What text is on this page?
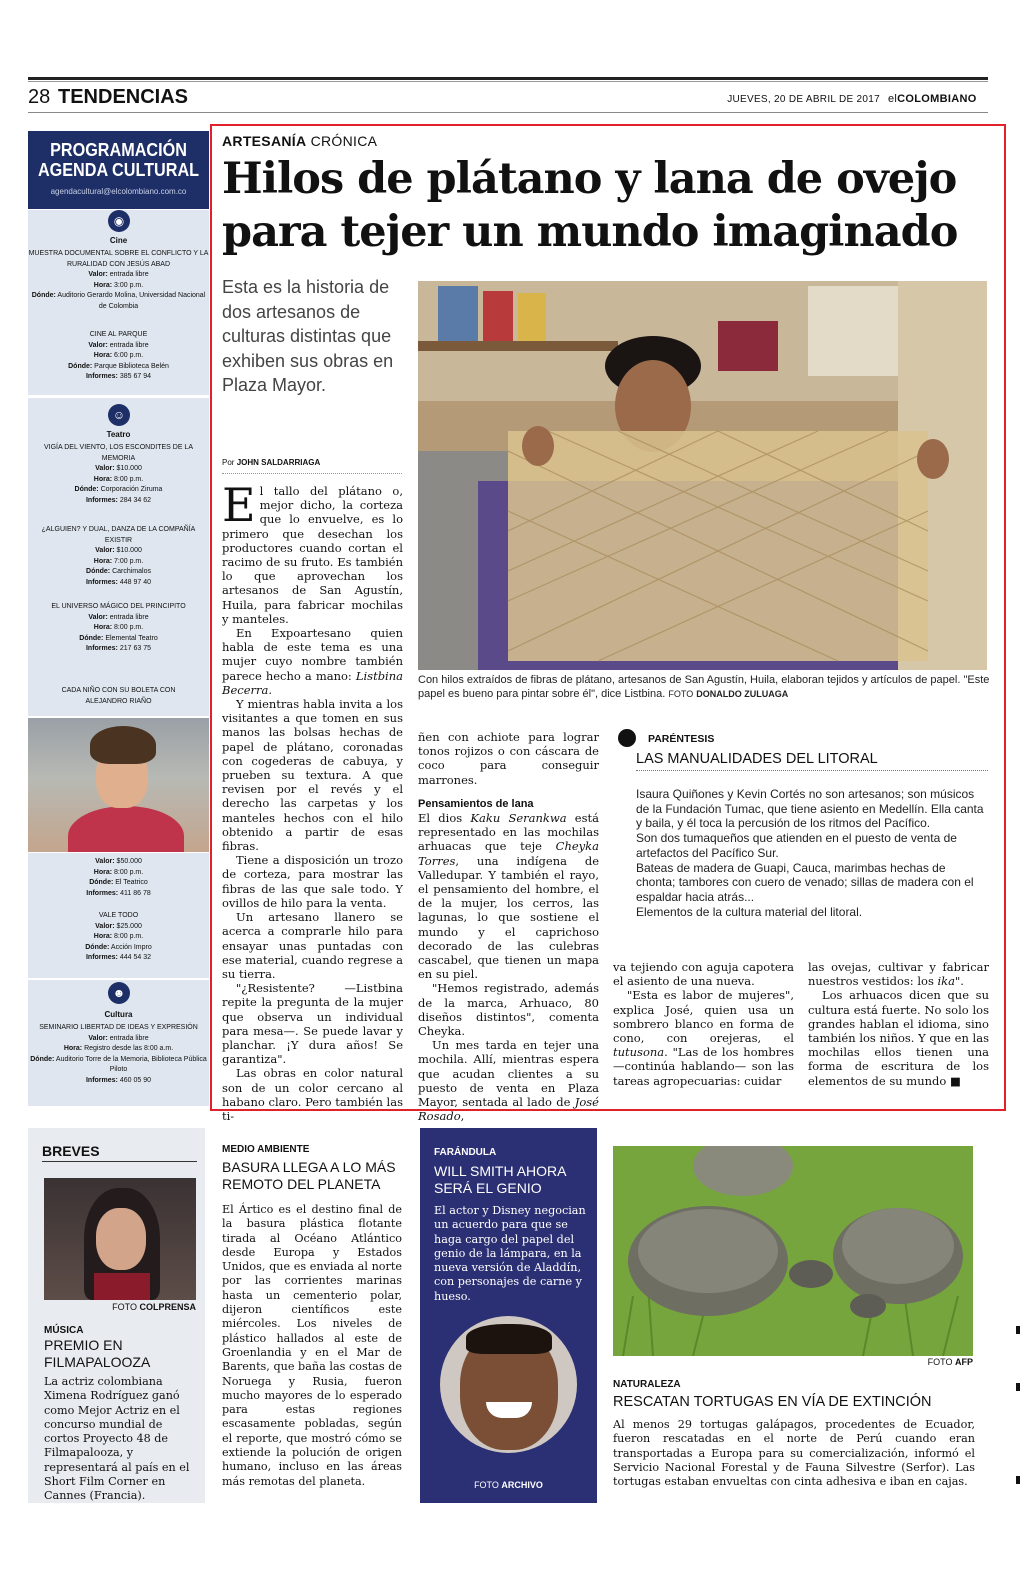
28 TENDENCIAS	JUEVES, 20 DE ABRIL DE 2017 elCOLOMBIANO
PROGRAMACIÓN
AGENDA CULTURAL
agendacultural@elcolombiano.com.co
◉
Cine
MUESTRA DOCUMENTAL SOBRE EL CONFLICTO Y LA RURALIDAD CON JESÚS ABAD
Valor: entrada libre
Hora: 3:00 p.m.
Dónde: Auditorio Gerardo Molina, Universidad Nacional de Colombia
CINE AL PARQUE
Valor: entrada libre
Hora: 6:00 p.m.
Dónde: Parque Biblioteca Belén
Informes: 385 67 94
☺
Teatro
VIGÍA DEL VIENTO, LOS ESCONDITES DE LA MEMORIA
Valor: $10.000
Hora: 8:00 p.m.
Dónde: Corporación Ziruma
Informes: 284 34 62
¿ALGUIEN? Y DUAL, DANZA DE LA COMPAÑÍA EXISTIR
Valor: $10.000
Hora: 7:00 p.m.
Dónde: Carchimalos
Informes: 448 97 40
EL UNIVERSO MÁGICO DEL PRINCIPITO
Valor: entrada libre
Hora: 8:00 p.m.
Dónde: Elemental Teatro
Informes: 217 63 75
CADA NIÑO CON SU BOLETA CON ALEJANDRO RIAÑO
Valor: $50.000
Hora: 8:00 p.m.
Dónde: El Teatrico
Informes: 411 86 78
VALE TODO
Valor: $25.000
Hora: 8:00 p.m.
Dónde: Acción Impro
Informes: 444 54 32
☻
Cultura
SEMINARIO LIBERTAD DE IDEAS Y EXPRESIÓN
Valor: entrada libre
Hora: Registro desde las 8:00 a.m.
Dónde: Auditorio Torre de la Memoria, Biblioteca Pública Piloto
Informes: 460 05 90
ARTESANÍA CRÓNICA
Hilos de plátano y lana de ovejo para tejer un mundo imaginado
Esta es la historia de dos artesanos de culturas distintas que exhiben sus obras en Plaza Mayor.
Por JOHN SALDARRIAGA
Con hilos extraídos de fibras de plátano, artesanos de San Agustín, Huila, elaboran tejidos y artículos de papel. "Este papel es bueno para pintar sobre él", dice Listbina. FOTO DONALDO ZULUAGA

El tallo del plátano o, mejor dicho, la corteza que lo envuelve, es lo primero que desechan los productores cuando cortan el racimo de su fruto. Es también lo que aprovechan los artesanos de San Agustín, Huila, para fabricar mochilas y manteles.

En Expoartesano quien habla de este tema es una mujer cuyo nombre también parece hecho a mano: Listbina Becerra.

Y mientras habla invita a los visitantes a que tomen en sus manos las bolsas hechas de papel de plátano, coronadas con cogederas de cabuya, y prueben su textura. A que revisen por el revés y el derecho las carpetas y los manteles hechos con el hilo obtenido a partir de esas fibras.

Tiene a disposición un trozo de corteza, para mostrar las fibras de las que sale todo. Y ovillos de hilo para la venta.

Un artesano llanero se acerca a comprarle hilo para ensayar unas puntadas con ese material, cuando regrese a su tierra.

"¿Resistente? —Listbina repite la pregunta de la mujer que observa un individual para mesa—. Se puede lavar y planchar. ¡Y dura años! Se garantiza".

Las obras en color natural son de un color cercano al habano claro. Pero también las ti-

ñen con achiote para lograr tonos rojizos o con cáscara de coco para conseguir marrones.

Pensamientos de lana

El dios Kaku Serankwa está representado en las mochilas arhuacas que teje Cheyka Torres, una indígena de Valledupar. Y también el rayo, el pensamiento del hombre, el de la mujer, los cerros, las lagunas, lo que sostiene el mundo y el caprichoso decorado de las culebras cascabel, que tienen un mapa en su piel.

"Hemos registrado, además de la marca, Arhuaco, 80 diseños distintos", comenta Cheyka.

Un mes tarda en tejer una mochila. Allí, mientras espera que acudan clientes a su puesto de venta en Plaza Mayor, sentada al lado de José Rosado,

va tejiendo con aguja capotera el asiento de una nueva.

"Esta es labor de mujeres", explica José, quien usa un sombrero blanco en forma de cono, con orejeras, el tutusona. "Las de los hombres —continúa hablando— son las tareas agropecuarias: cuidar

las ovejas, cultivar y fabricar nuestros vestidos: los ika".

Los arhuacos dicen que su cultura está fuerte. No solo los grandes hablan el idioma, sino también los niños. Y que en las mochilas ellos tienen una forma de escritura de los elementos de su mundo ■

PARÉNTESIS
LAS MANUALIDADES DEL LITORAL
Isaura Quiñones y Kevin Cortés no son artesanos; son músicos de la Fundación Tumac, que tiene asiento en Medellín. Ella canta y baila, y él toca la percusión de los ritmos del Pacífico.
Son dos tumaqueños que atienden en el puesto de venta de artefactos del Pacífico Sur.
Bateas de madera de Guapi, Cauca, marimbas hechas de chonta; tambores con cuero de venado; sillas de madera con el espaldar hacia atrás...
Elementos de la cultura material del litoral.
BREVES
FOTO COLPRENSA
MÚSICA
PREMIO EN FILMAPALOOZA
La actriz colombiana Ximena Rodríguez ganó como Mejor Actriz en el concurso mundial de cortos Proyecto 48 de Filmapalooza, y representará al país en el Short Film Corner en Cannes (Francia).
MEDIO AMBIENTE
BASURA LLEGA A LO MÁS REMOTO DEL PLANETA
El Ártico es el destino final de la basura plástica flotante tirada al Océano Atlántico desde Europa y Estados Unidos, que es enviada al norte por las corrientes marinas hasta un cementerio polar, dijeron científicos este miércoles. Los niveles de plástico hallados al este de Groenlandia y en el Mar de Barents, que baña las costas de Noruega y Rusia, fueron mucho mayores de lo esperado para estas regiones escasamente pobladas, según el reporte, que mostró cómo se extiende la polución de origen humano, incluso en las áreas más remotas del planeta.
FARÁNDULA
WILL SMITH AHORA SERÁ EL GENIO
El actor y Disney negocian un acuerdo para que se haga cargo del papel del genio de la lámpara, en la nueva versión de Aladdín, con personajes de carne y hueso.
FOTO ARCHIVO
FOTO AFP
NATURALEZA
RESCATAN TORTUGAS EN VÍA DE EXTINCIÓN
Al menos 29 tortugas galápagos, procedentes de Ecuador, fueron rescatadas en el norte de Perú cuando eran transportadas a Europa para su comercialización, informó el Servicio Nacional Forestal y de Fauna Silvestre (Serfor). Las tortugas estaban envueltas con cinta adhesiva e iban en cajas.
